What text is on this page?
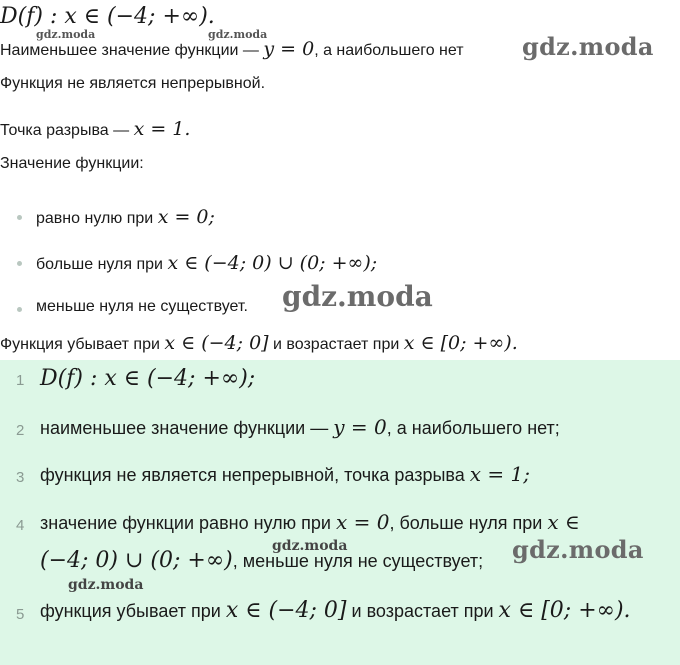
D(f) : x ∈ (−4; +∞).
Наименьшее значение функции — y = 0, а наибольшего нет
Функция не является непрерывной.
Точка разрыва — x = 1.
Значение функции:
равно нулю при x = 0;
больше нуля при x ∈ (−4; 0) ∪ (0; +∞);
меньше нуля не существует.
Функция убывает при x ∈ (−4; 0] и возрастает при x ∈ [0; +∞).
1 D(f) : x ∈ (−4; +∞);
2 наименьшее значение функции — y = 0, а наибольшего нет;
3 функция не является непрерывной, точка разрыва x = 1;
4 значение функции равно нулю при x = 0, больше нуля при x ∈
(−4; 0) ∪ (0; +∞), меньше нуля не существует;
5 функция убывает при x ∈ (−4; 0] и возрастает при x ∈ [0; +∞).
gdz.moda	gdz.moda	gdz.moda
gdz.moda
gdz.moda	gdz.moda
gdz.moda
